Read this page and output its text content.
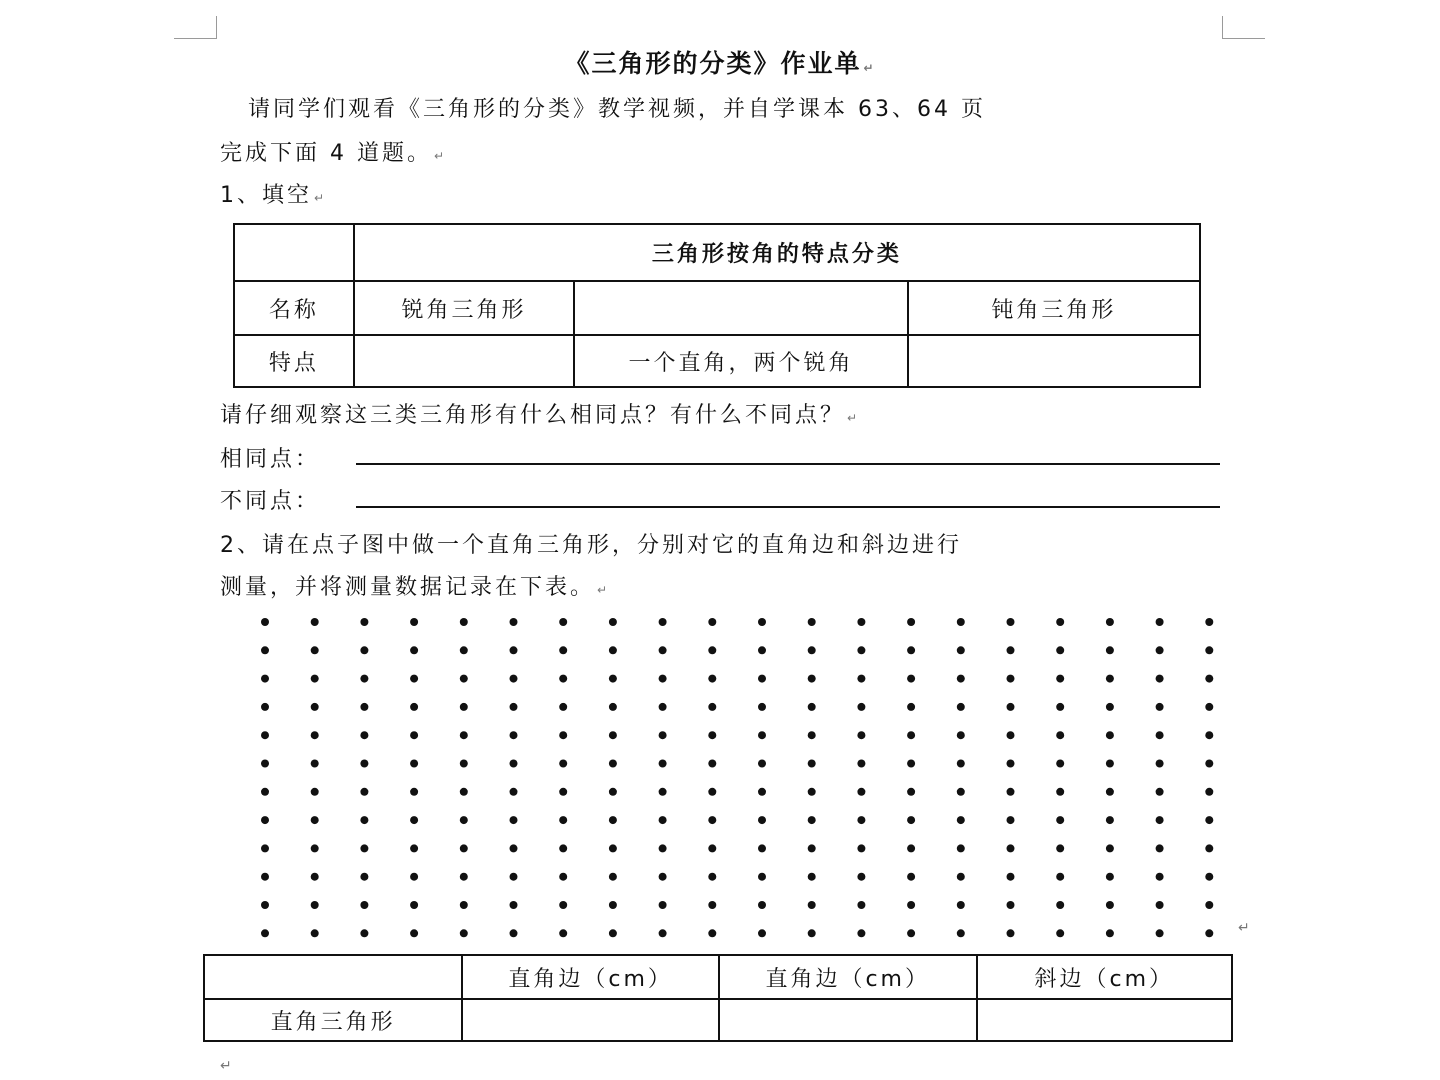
《三角形的分类》作业单 ↵
请同学们观看《三角形的分类》教学视频，并自学课本 63、64 页
完成下面 4 道题。 ↵
1、填空 ↵
	三角形按角的特点分类		
名称	锐角三角形		钝角三角形
特点		一个直角，两个锐角	
请仔细观察这三类三角形有什么相同点？有什么不同点？ ↵
相同点：
不同点：
2、请在点子图中做一个直角三角形，分别对它的直角边和斜边进行
测量，并将测量数据记录在下表。 ↵
↵
	直角边（cm）	直角边（cm）	斜边（cm）
直角三角形			
↵
